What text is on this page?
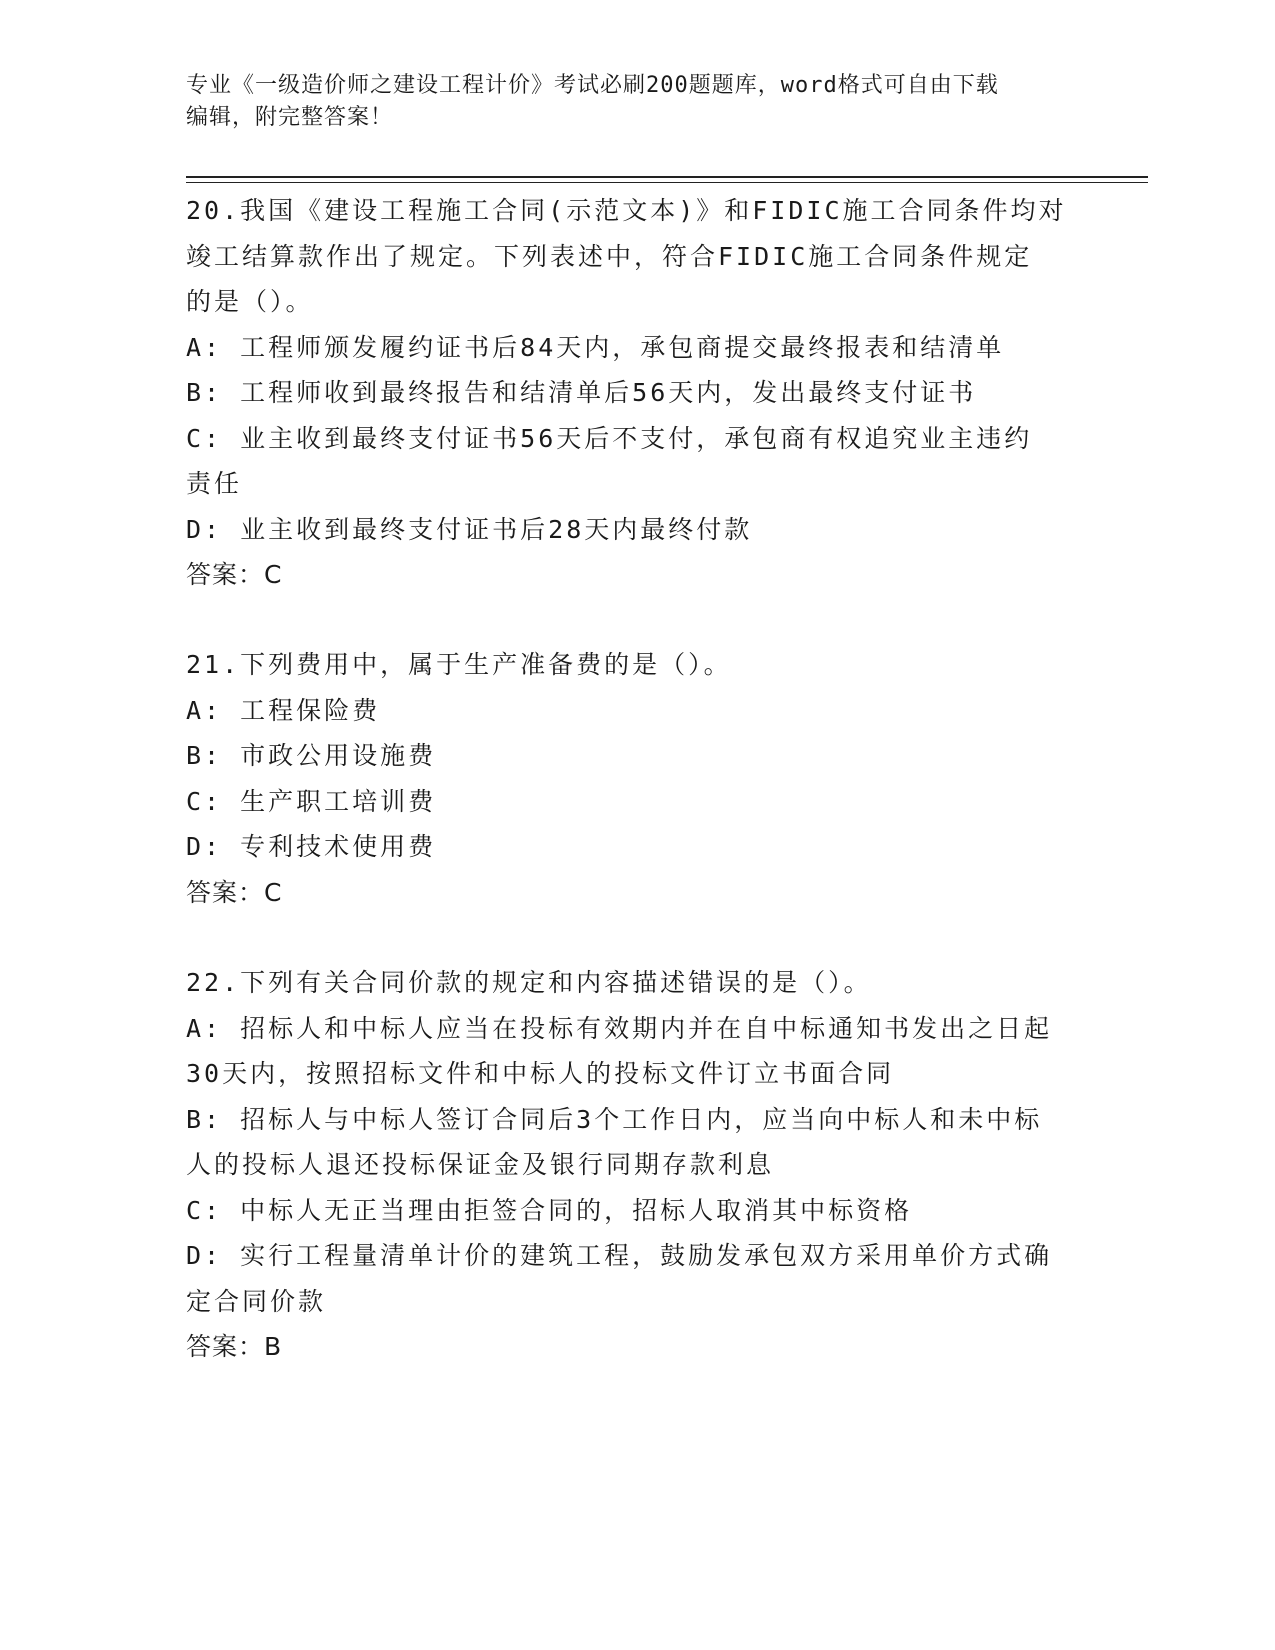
专业《一级造价师之建设工程计价》考试必刷200题题库，word格式可自由下载
编辑，附完整答案！
20.我国《建设工程施工合同(示范文本)》和FIDIC施工合同条件均对
竣工结算款作出了规定。下列表述中，符合FIDIC施工合同条件规定
的是（）。
A: 工程师颁发履约证书后84天内，承包商提交最终报表和结清单
B: 工程师收到最终报告和结清单后56天内，发出最终支付证书
C: 业主收到最终支付证书56天后不支付，承包商有权追究业主违约
责任
D: 业主收到最终支付证书后28天内最终付款
答案：C
21.下列费用中，属于生产准备费的是（）。
A: 工程保险费
B: 市政公用设施费
C: 生产职工培训费
D: 专利技术使用费
答案：C
22.下列有关合同价款的规定和内容描述错误的是（）。
A: 招标人和中标人应当在投标有效期内并在自中标通知书发出之日起
30天内，按照招标文件和中标人的投标文件订立书面合同
B: 招标人与中标人签订合同后3个工作日内，应当向中标人和未中标
人的投标人退还投标保证金及银行同期存款利息
C: 中标人无正当理由拒签合同的，招标人取消其中标资格
D: 实行工程量清单计价的建筑工程，鼓励发承包双方采用单价方式确
定合同价款
答案：B
